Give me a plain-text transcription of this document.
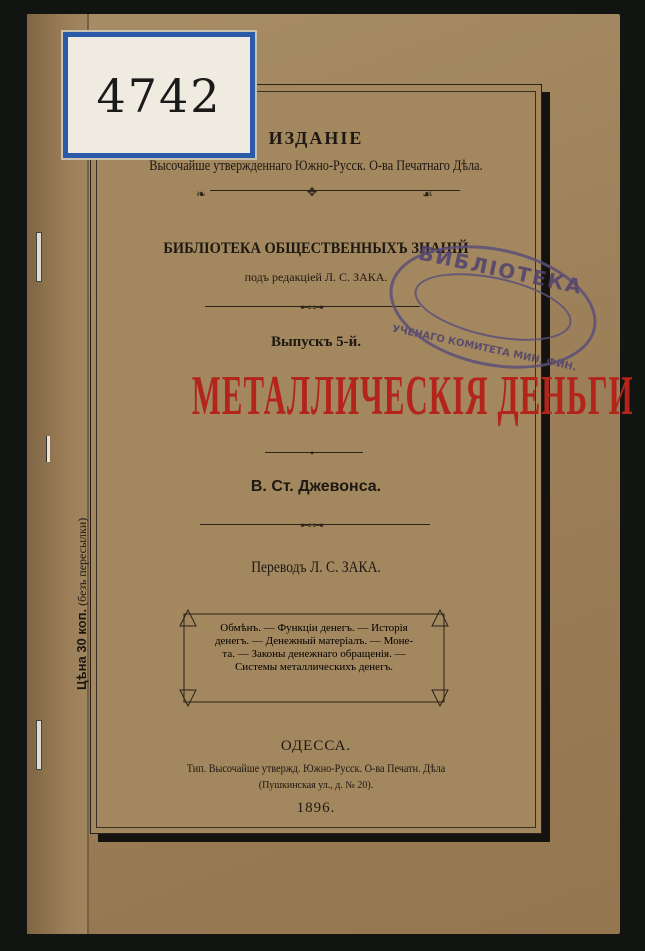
Цѣна 30 коп. (безъ пересылки)
ИЗДАНІЕ
Высочайше утвержденнаго Южно-Русск. О-ва Печатнаго Дѣла.
✥
❧	☙
БИБЛІОТЕКА ОБЩЕСТВЕННЫХЪ ЗНАНІЙ
подъ редакціей Л. С. ЗАКА.
⊷⊶
Выпускъ 5-й.
МЕТАЛЛИЧЕСКІЯ ДЕНЬГИ
•
В. Ст. Джевонса.
⊷⊶
Переводъ Л. С. ЗАКА.

Обмѣнъ. — Функціи денегъ. — Исторія

денегъ. — Денежный матеріалъ. — Моне-

та. — Законы денежнаго обращенія. —

Системы металлическихъ денегъ.

ОДЕССА.
Тип. Высочайше утвержд. Южно-Русск. О-ва Печатн. Дѣла
(Пушкинская ул., д. № 20).
1896.
БИБЛІОТЕКА
УЧЕНАГО КОМИТЕТА МИН. ФИН.
4742
